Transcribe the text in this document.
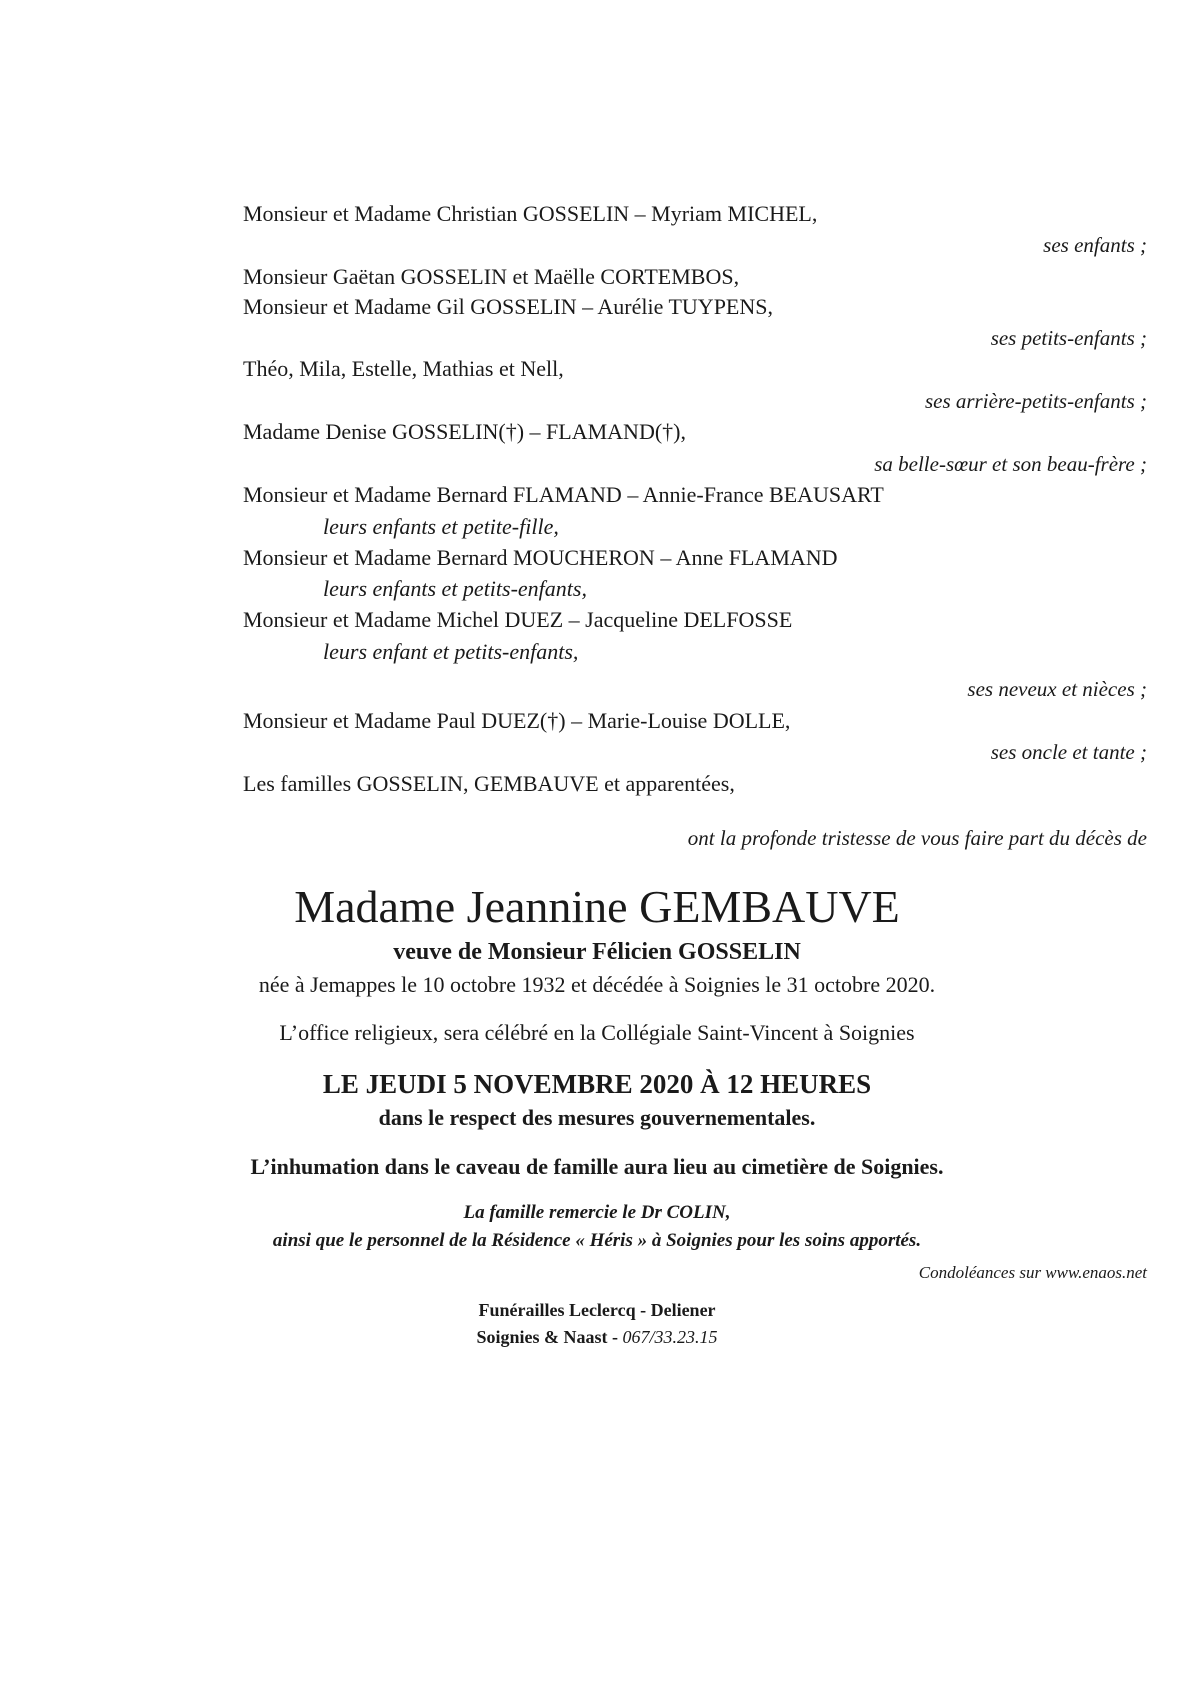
Monsieur et Madame Christian GOSSELIN – Myriam MICHEL,
ses enfants ;
Monsieur Gaëtan GOSSELIN et Maëlle CORTEMBOS,
Monsieur et Madame Gil GOSSELIN – Aurélie TUYPENS,
ses petits-enfants ;
Théo, Mila, Estelle, Mathias et Nell,
ses arrière-petits-enfants ;
Madame Denise GOSSELIN(†) – FLAMAND(†),
sa belle-sœur et son beau-frère ;
Monsieur et Madame Bernard FLAMAND – Annie-France BEAUSART
leurs enfants et petite-fille,
Monsieur et Madame Bernard MOUCHERON – Anne FLAMAND
leurs enfants et petits-enfants,
Monsieur et Madame Michel DUEZ – Jacqueline DELFOSSE
leurs enfant et petits-enfants,
ses neveux et nièces ;
Monsieur et Madame Paul DUEZ(†) – Marie-Louise DOLLE,
ses oncle et tante ;
Les familles GOSSELIN, GEMBAUVE et apparentées,
ont la profonde tristesse de vous faire part du décès de
Madame Jeannine GEMBAUVE
veuve de Monsieur Félicien GOSSELIN
née à Jemappes le 10 octobre 1932 et décédée à Soignies le 31 octobre 2020.
L’office religieux, sera célébré en la Collégiale Saint-Vincent à Soignies
LE JEUDI 5 NOVEMBRE 2020 À 12 HEURES
dans le respect des mesures gouvernementales.
L’inhumation dans le caveau de famille aura lieu au cimetière de Soignies.
La famille remercie le Dr COLIN,
ainsi que le personnel de la Résidence « Héris » à Soignies pour les soins apportés.
Condoléances sur www.enaos.net
Funérailles Leclercq - Deliener
Soignies & Naast - 067/33.23.15
